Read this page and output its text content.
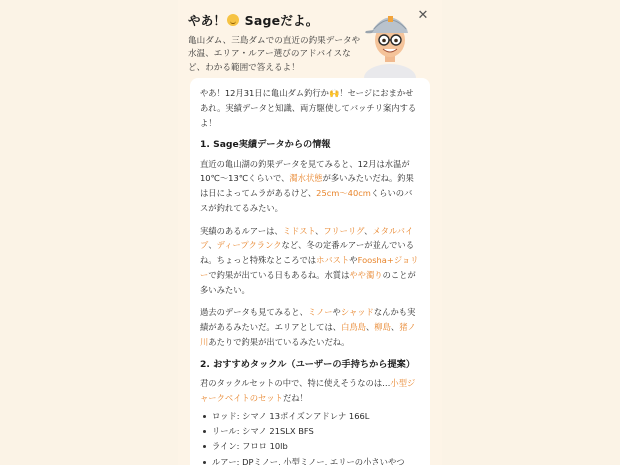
やあ！ Sageだよ。
亀山ダム、三島ダムでの直近の釣果データや水温、エリア・ルアー選びのアドバイスなど、わかる範囲で答えるよ！
✕

やあ！12月31日に亀山ダム釣行か🙌！セージにおまかせあれ。実績データと知識、両方駆使してバッチリ案内するよ！

1. Sage実績データからの情報

直近の亀山湖の釣果データを見てみると、12月は水温が10℃〜13℃くらいで、濁水状態が多いみたいだね。釣果は日によってムラがあるけど、25cm〜40cmくらいのバスが釣れてるみたい。

実績のあるルアーは、ミドスト、フリーリグ、メタルバイブ、ディープクランクなど、冬の定番ルアーが並んでいるね。ちょっと特殊なところではホバストやFoosha+ジョリーで釣果が出ている日もあるね。水質はやや濁りのことが多いみたい。

過去のデータも見てみると、ミノーやシャッドなんかも実績があるみたいだ。エリアとしては、白鳥島、柳島、猪ノ川あたりで釣果が出ているみたいだね。

2. おすすめタックル（ユーザーの手持ちから提案）

君のタックルセットの中で、特に使えそうなのは…小型ジャークベイトのセットだね！

ロッド: シマノ 13ポイズンアドレナ 166L
リール: シマノ 21SLX BFS
ライン: フロロ 10lb
ルアー: DPミノー, 小型ミノー, エリーの小さいやつ
